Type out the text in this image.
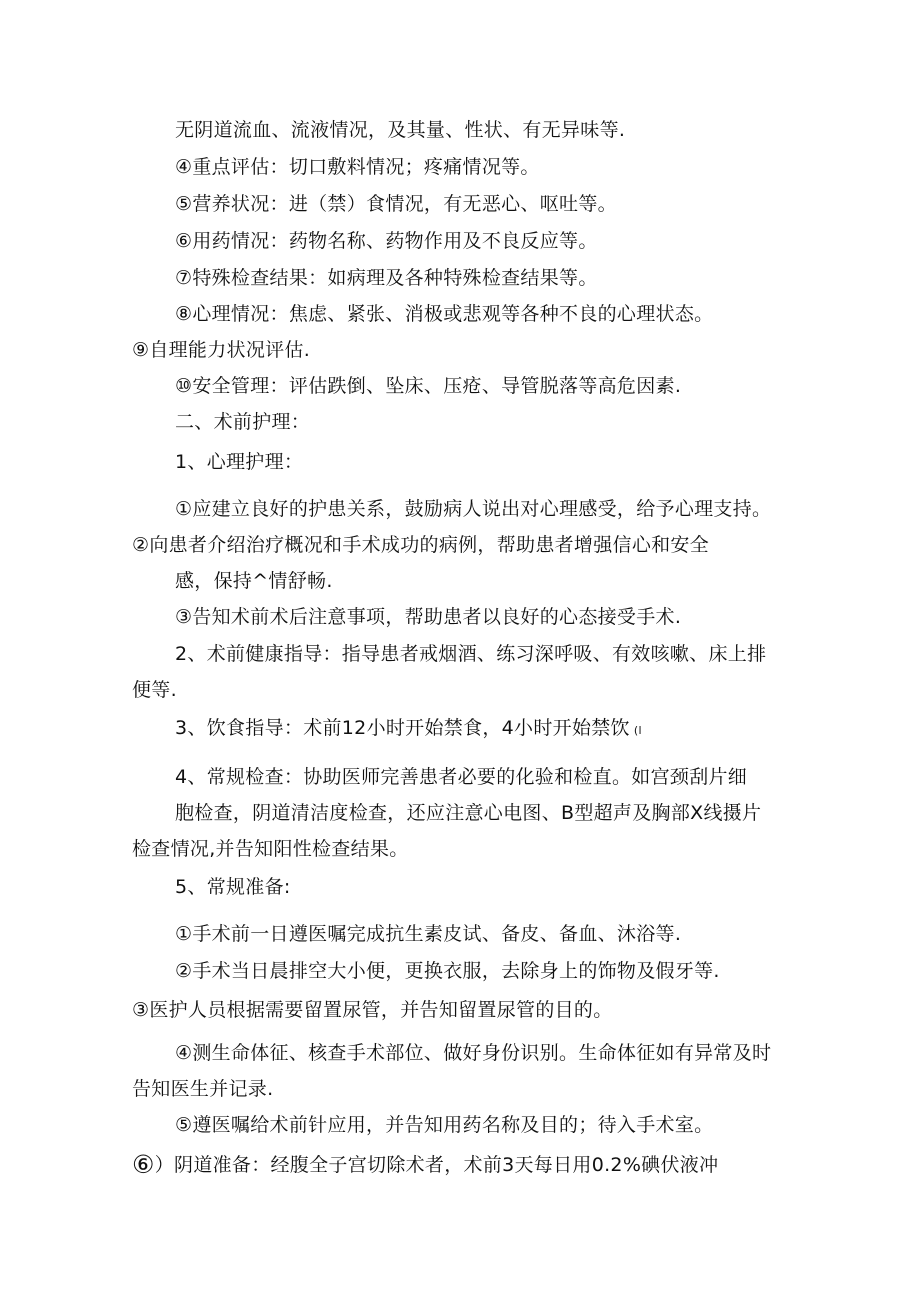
无阴道流血、流液情况，及其量、性状、有无异味等.
④重点评估：切口敷料情况；疼痛情况等。
⑤营养状况：进（禁）食情况，有无恶心、呕吐等。
⑥用药情况：药物名称、药物作用及不良反应等。
⑦特殊检查结果：如病理及各种特殊检查结果等。
⑧心理情况：焦虑、紧张、消极或悲观等各种不良的心理状态。
⑨自理能力状况评估.
⑩安全管理：评估跌倒、坠床、压疮、导管脱落等高危因素.
二、术前护理：
1、心理护理：
①应建立良好的护患关系，鼓励病人说出对心理感受，给予心理支持。
②向患者介绍治疗概况和手术成功的病例，帮助患者增强信心和安全
感，保持^情舒畅.
③告知术前术后注意事项，帮助患者以良好的心态接受手术.
2、术前健康指导：指导患者戒烟酒、练习深呼吸、有效咳嗽、床上排
便等.
3、饮食指导：术前12小时开始禁食，4小时开始禁饮 (l
4、常规检查：协助医师完善患者必要的化验和检直。如宫颈刮片细
胞检查，阴道清洁度检查，还应注意心电图、B型超声及胸部X线摄片
检查情况,并告知阳性检查结果。
5、常规准备:
①手术前一日遵医嘱完成抗生素皮试、备皮、备血、沐浴等.
②手术当日晨排空大小便，更换衣服，去除身上的饰物及假牙等.
③医护人员根据需要留置尿管，并告知留置尿管的目的。
④测生命体征、核查手术部位、做好身份识别。生命体征如有异常及时
告知医生并记录.
⑤遵医嘱给术前针应用，并告知用药名称及目的；待入手术室。
⑥）阴道准备：经腹全子宫切除术者，术前3天每日用0.2%碘伏液冲
